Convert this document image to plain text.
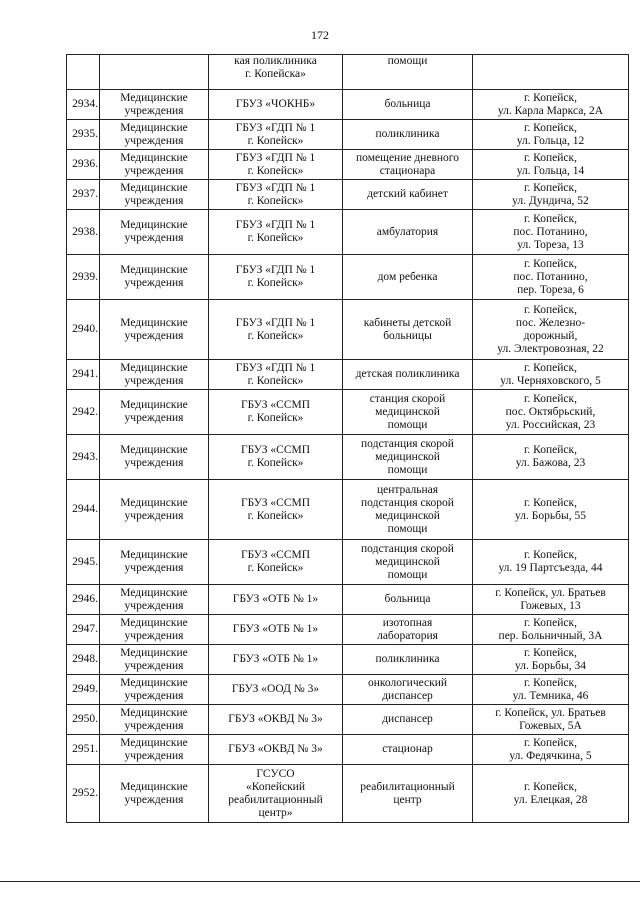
172
		кая поликлиника
г. Копейска»	помощи	
2934.	Медицинские
учреждения	ГБУЗ «ЧОКНБ»	больница	г. Копейск,
ул. Карла Маркса, 2А
2935.	Медицинские
учреждения	ГБУЗ «ГДП № 1
г. Копейск»	поликлиника	г. Копейск,
ул. Гольца, 12
2936.	Медицинские
учреждения	ГБУЗ «ГДП № 1
г. Копейск»	помещение дневного
стационара	г. Копейск,
ул. Гольца, 14
2937.	Медицинские
учреждения	ГБУЗ «ГДП № 1
г. Копейск»	детский кабинет	г. Копейск,
ул. Дундича, 52
2938.	Медицинские
учреждения	ГБУЗ «ГДП № 1
г. Копейск»	амбулатория	г. Копейск,
пос. Потанино,
ул. Тореза, 13
2939.	Медицинские
учреждения	ГБУЗ «ГДП № 1
г. Копейск»	дом ребенка	г. Копейск,
пос. Потанино,
пер. Тореза, 6
2940.	Медицинские
учреждения	ГБУЗ «ГДП № 1
г. Копейск»	кабинеты детской
больницы	г. Копейск,
пос. Железно-
дорожный,
ул. Электровозная, 22
2941.	Медицинские
учреждения	ГБУЗ «ГДП № 1
г. Копейск»	детская поликлиника	г. Копейск,
ул. Черняховского, 5
2942.	Медицинские
учреждения	ГБУЗ «ССМП
г. Копейск»	станция скорой
медицинской
помощи	г. Копейск,
пос. Октябрьский,
ул. Российская, 23
2943.	Медицинские
учреждения	ГБУЗ «ССМП
г. Копейск»	подстанция скорой
медицинской
помощи	г. Копейск,
ул. Бажова, 23
2944.	Медицинские
учреждения	ГБУЗ «ССМП
г. Копейск»	центральная
подстанция скорой
медицинской
помощи	г. Копейск,
ул. Борьбы, 55
2945.	Медицинские
учреждения	ГБУЗ «ССМП
г. Копейск»	подстанция скорой
медицинской
помощи	г. Копейск,
ул. 19 Партсъезда, 44
2946.	Медицинские
учреждения	ГБУЗ «ОТБ № 1»	больница	г. Копейск, ул. Братьев
Гожевых, 13
2947.	Медицинские
учреждения	ГБУЗ «ОТБ № 1»	изотопная
лаборатория	г. Копейск,
пер. Больничный, 3А
2948.	Медицинские
учреждения	ГБУЗ «ОТБ № 1»	поликлиника	г. Копейск,
ул. Борьбы, 34
2949.	Медицинские
учреждения	ГБУЗ «ООД № 3»	онкологический
диспансер	г. Копейск,
ул. Темника, 46
2950.	Медицинские
учреждения	ГБУЗ «ОКВД № 3»	диспансер	г. Копейск, ул. Братьев
Гожевых, 5А
2951.	Медицинские
учреждения	ГБУЗ «ОКВД № 3»	стационар	г. Копейск,
ул. Федячкина, 5
2952.	Медицинские
учреждения	ГСУСО
«Копейский
реабилитационный
центр»	реабилитационный
центр	г. Копейск,
ул. Елецкая, 28
